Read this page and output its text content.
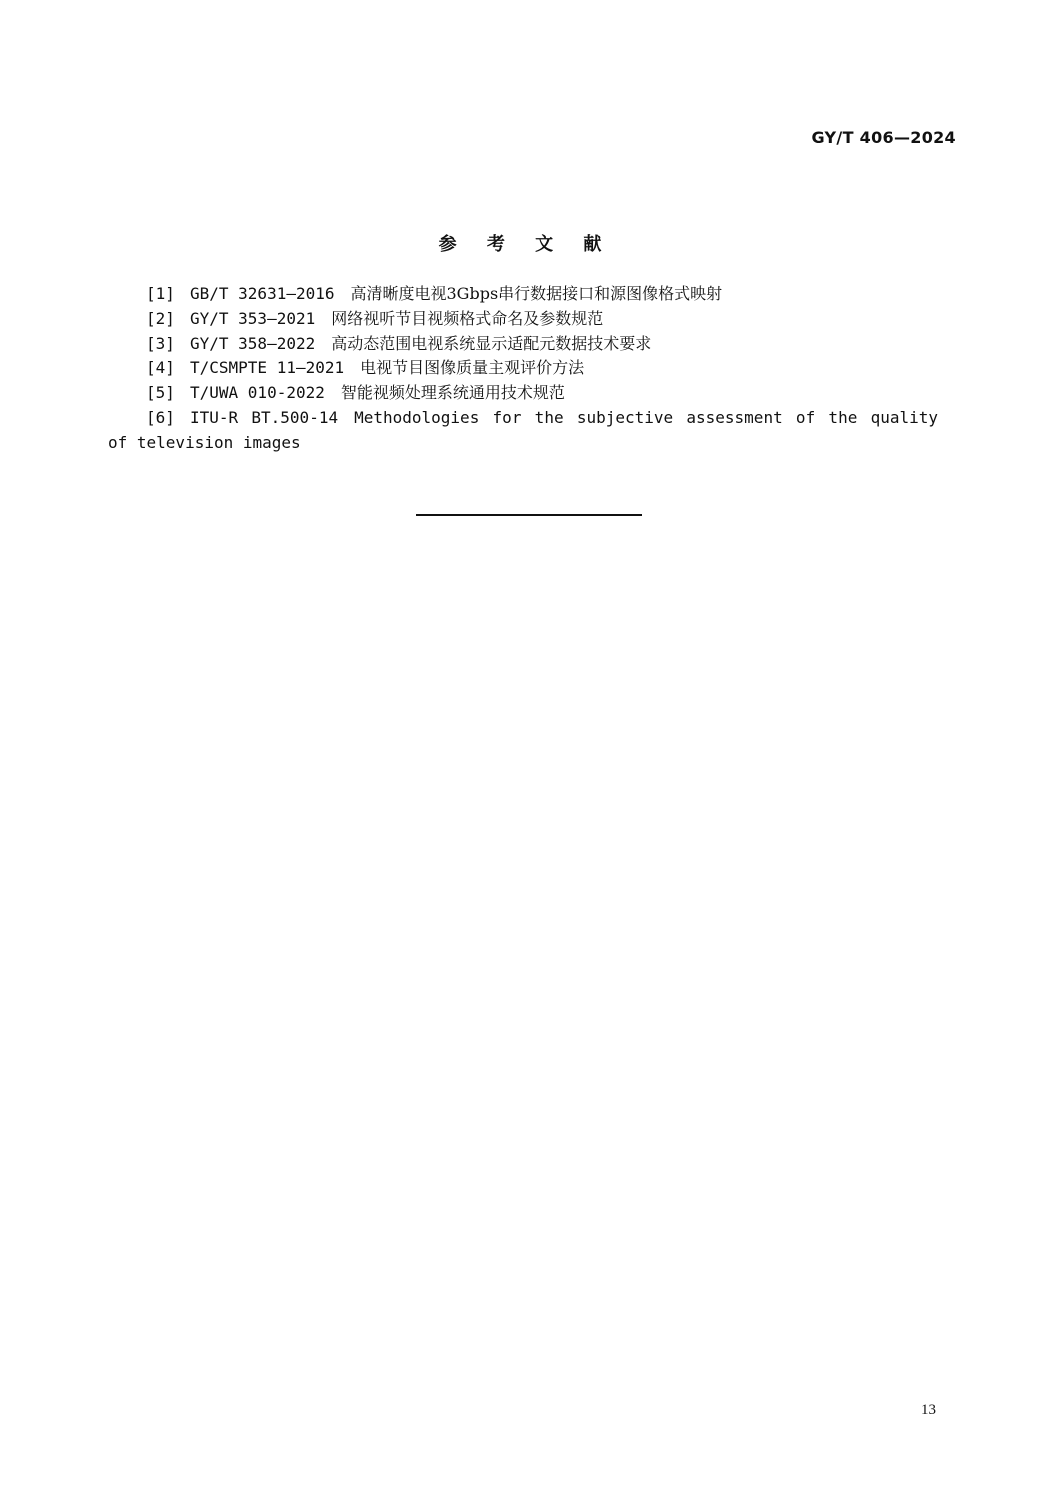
GY/T 406—2024
参 考 文 献
[1] GB/T 32631—2016 高清晰度电视3Gbps串行数据接口和源图像格式映射
[2] GY/T 353—2021 网络视听节目视频格式命名及参数规范
[3] GY/T 358—2022 高动态范围电视系统显示适配元数据技术要求
[4] T/CSMPTE 11—2021 电视节目图像质量主观评价方法
[5] T/UWA 010-2022 智能视频处理系统通用技术规范
[6] ITU-R BT.500-14 Methodologies for the subjective assessment of the quality of television images
13
